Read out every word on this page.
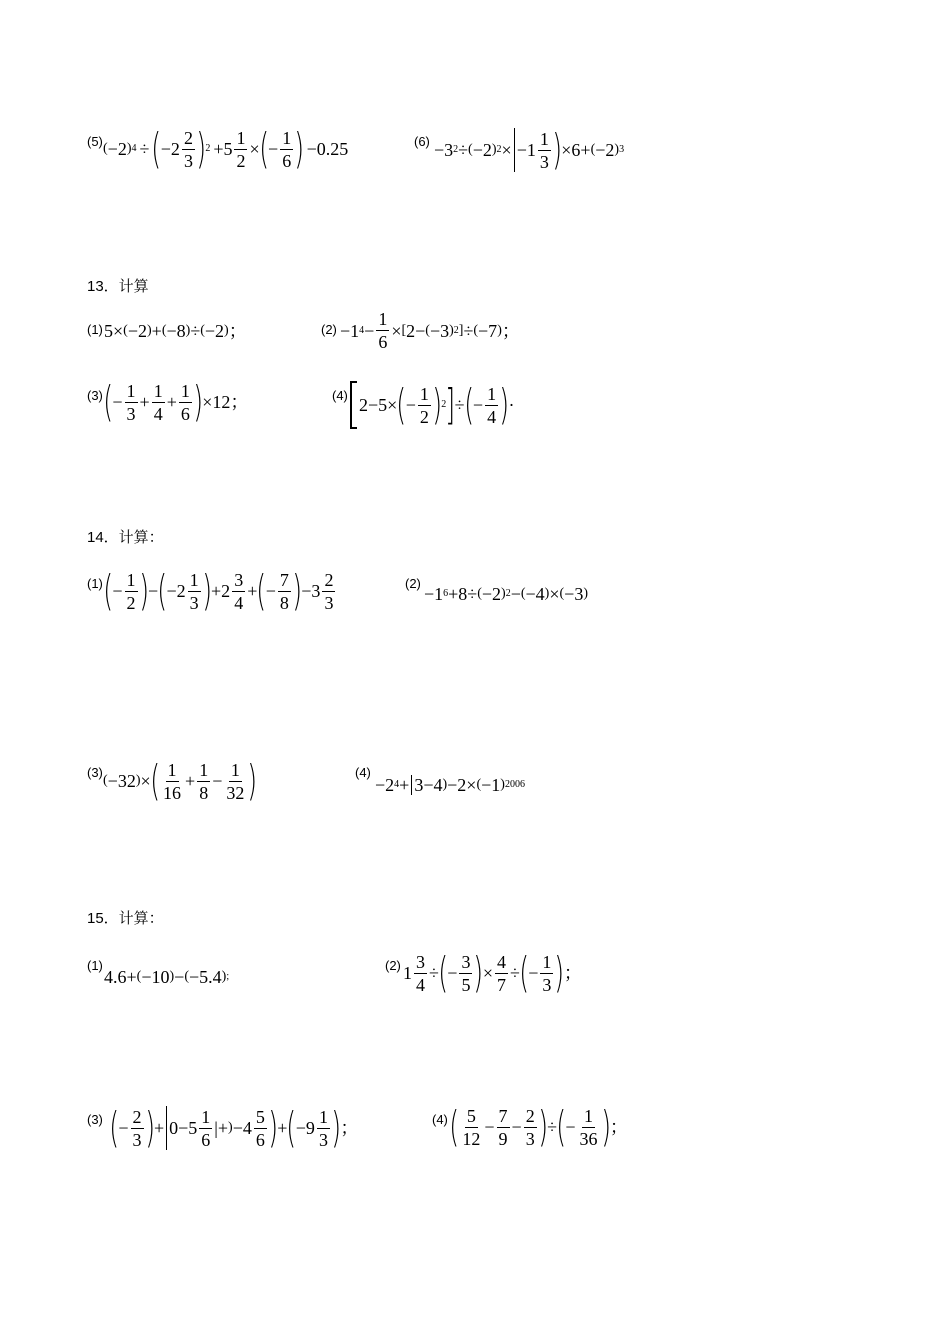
(5) ( −2 ) 4 ÷ ( $-2 \frac{2}{3}$ ) $2 +5 \frac{1}{2}$ × ( − $\frac{1}{6}$ ) −0.25	(6) −3 2 ÷ ( −2 ) $2 \times -1 \frac{1}{3}$ ) ×6+ ( −2 ) 3
13．计算
(1) 5× ( −2 ) + ( −8 ) ÷ ( −2 ) ；	(2) −1 $4 - \frac{1}{6}$ × [ 2− ( −3 ) 2 ] ÷ ( −7 ) ；
(3) ( − $\frac{1}{3} + \frac{1}{4} + \frac{1}{6}$ ) ×12；	(4) 2−5× ( − $\frac{1}{2}$ ) 2 ] ÷ ( − $\frac{1}{4}$ ) ·
14．计算：
(1) ( − $\frac{1}{2}$ ) − ( $-2 \frac{1}{3}$ ) $+2 \frac{3}{4}$ + ( − $\frac{7}{8}$ ) $-3 \frac{2}{3}$	(2)
−1 6 +8÷ ( −2 ) 2 − ( −4 ) × ( −3 )
(3)
( −32 ) × ( $\frac{1}{16} + \frac{1}{8} - \frac{1}{32}$ )	(4)
−2 4 + 3−4 ) −2× ( −1 ) 2006
15．计算：
(1)
4.6+ ( −10 ) − ( −5.4 ) ;
(2) $1 \frac{3}{4}$ ÷ ( − $\frac{3}{5}$ ) × $\frac{4}{7}$ ÷ ( − $\frac{1}{3}$ ) ；
(3) ( − $\frac{2}{3}$ ) + $0-5 \frac{1}{6}$ |+ ) $-4 \frac{5}{6}$ ) + ( $-9 \frac{1}{3}$ ) ；	(4) ( $\frac{5}{12} - \frac{7}{9} - \frac{2}{3}$ ) ÷ ( − $\frac{1}{36}$ ) ；
